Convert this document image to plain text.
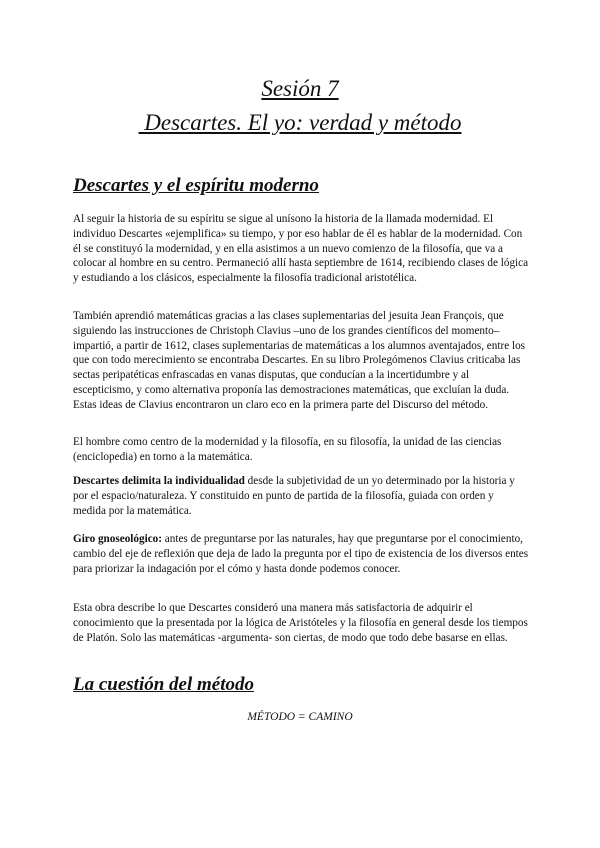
Sesión 7
Descartes. El yo: verdad y método
Descartes y el espíritu moderno

Al seguir la historia de su espíritu se sigue al unísono la historia de la llamada modernidad. El individuo Descartes «ejemplifica» su tiempo, y por eso hablar de él es hablar de la modernidad. Con él se constituyó la modernidad, y en ella asistimos a un nuevo comienzo de la filosofía, que va a colocar al hombre en su centro. Permaneció allí hasta septiembre de 1614, recibiendo clases de lógica y estudiando a los clásicos, especialmente la filosofía tradicional aristotélica.

También aprendió matemáticas gracias a las clases suplementarias del jesuita Jean François, que siguiendo las instrucciones de Christoph Clavius –uno de los grandes científicos del momento– impartió, a partir de 1612, clases suplementarias de matemáticas a los alumnos aventajados, entre los que con todo merecimiento se encontraba Descartes. En su libro Prolegómenos Clavius criticaba las sectas peripatéticas enfrascadas en vanas disputas, que conducían a la incertidumbre y al escepticismo, y como alternativa proponía las demostraciones matemáticas, que excluían la duda. Estas ideas de Clavius encontraron un claro eco en la primera parte del Discurso del método.

El hombre como centro de la modernidad y la filosofía, en su filosofía, la unidad de las ciencias (enciclopedia) en torno a la matemática.

Descartes delimita la individualidad desde la subjetividad de un yo determinado por la historia y por el espacio/naturaleza. Y constituido en punto de partida de la filosofía, guiada con orden y medida por la matemática.

Giro gnoseológico: antes de preguntarse por las naturales, hay que preguntarse por el conocimiento, cambio del eje de reflexión que deja de lado la pregunta por el tipo de existencia de los diversos entes para priorizar la indagación por el cómo y hasta donde podemos conocer.

Esta obra describe lo que Descartes consideró una manera más satisfactoria de adquirir el conocimiento que la presentada por la lógica de Aristóteles y la filosofía en general desde los tiempos de Platón. Solo las matemáticas -argumenta- son ciertas, de modo que todo debe basarse en ellas.

La cuestión del método
MÉTODO = CAMINO
